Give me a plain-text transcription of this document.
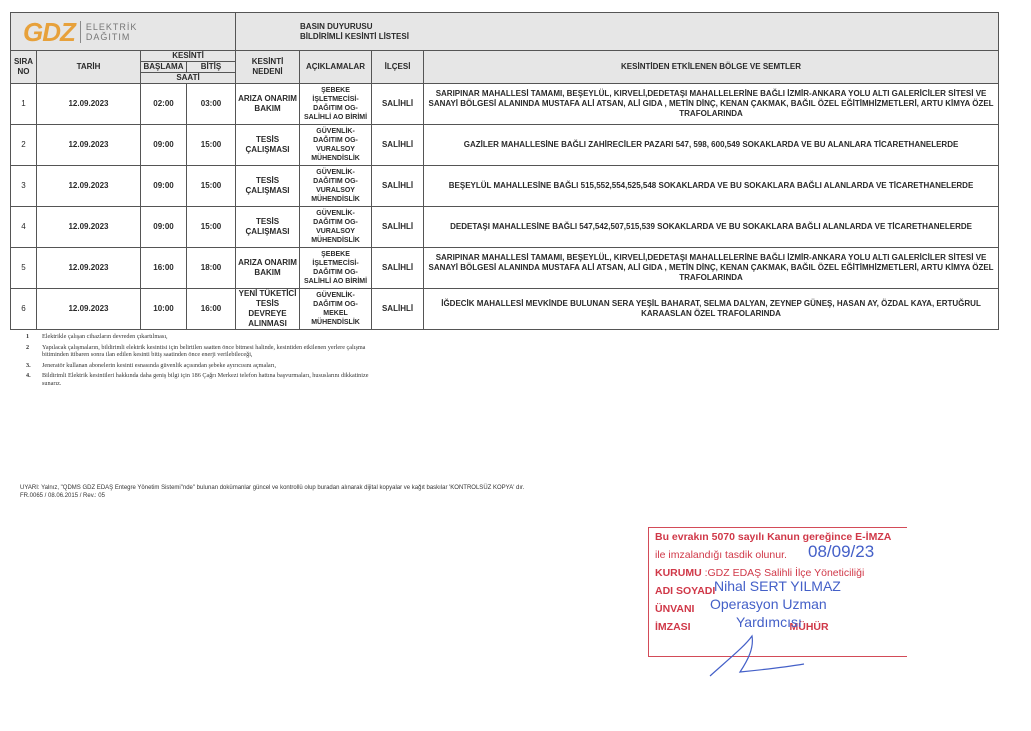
GDZ ELEKTRİK
DAĞITIM				BASIN DUYURUSU
BİLDİRİMLİ KESİNTİ LİSTESİ			
SIRA NO	TARİH	KESİNTİ		KESİNTİ NEDENİ	AÇIKLAMALAR	İLÇESİ	KESİNTİDEN ETKİLENEN BÖLGE VE SEMTLER
		BAŞLAMA	BİTİŞ				
		SAATİ					
1	12.09.2023	02:00	03:00	ARIZA ONARIM BAKIM	ŞEBEKE İŞLETMECİSİ-DAĞITIM OG-SALİHLİ AO BİRİMİ	SALİHLİ	SARIPINAR MAHALLESİ TAMAMI, BEŞEYLÜL, KIRVELİ,DEDETAŞI MAHALLELERİNE BAĞLI İZMİR-ANKARA YOLU ALTI GALERİCİLER SİTESİ VE SANAYİ BÖLGESİ ALANINDA MUSTAFA ALİ ATSAN, ALİ GIDA , METİN DİNÇ, KENAN ÇAKMAK, BAĞIL ÖZEL EĞİTİMHİZMETLERİ, ARTU KİMYA ÖZEL TRAFOLARINDA
2	12.09.2023	09:00	15:00	TESİS ÇALIŞMASI	GÜVENLİK-DAĞITIM OG-VURALSOY MÜHENDİSLİK	SALİHLİ	GAZİLER MAHALLESİNE BAĞLI ZAHİRECİLER PAZARI 547, 598, 600,549 SOKAKLARDA VE BU ALANLARA TİCARETHANELERDE
3	12.09.2023	09:00	15:00	TESİS ÇALIŞMASI	GÜVENLİK-DAĞITIM OG-VURALSOY MÜHENDİSLİK	SALİHLİ	BEŞEYLÜL MAHALLESİNE BAĞLI 515,552,554,525,548 SOKAKLARDA VE BU SOKAKLARA BAĞLI ALANLARDA VE TİCARETHANELERDE
4	12.09.2023	09:00	15:00	TESİS ÇALIŞMASI	GÜVENLİK-DAĞITIM OG-VURALSOY MÜHENDİSLİK	SALİHLİ	DEDETAŞI MAHALLESİNE BAĞLI 547,542,507,515,539 SOKAKLARDA VE BU SOKAKLARA BAĞLI ALANLARDA VE TİCARETHANELERDE
5	12.09.2023	16:00	18:00	ARIZA ONARIM BAKIM	ŞEBEKE İŞLETMECİSİ-DAĞITIM OG-SALİHLİ AO BİRİMİ	SALİHLİ	SARIPINAR MAHALLESİ TAMAMI, BEŞEYLÜL, KIRVELİ,DEDETAŞI MAHALLELERİNE BAĞLI İZMİR-ANKARA YOLU ALTI GALERİCİLER SİTESİ VE SANAYİ BÖLGESİ ALANINDA MUSTAFA ALİ ATSAN, ALİ GIDA , METİN DİNÇ, KENAN ÇAKMAK, BAĞIL ÖZEL EĞİTİMHİZMETLERİ, ARTU KİMYA ÖZEL TRAFOLARINDA
6	12.09.2023	10:00	16:00	YENİ TÜKETİCİ TESİS DEVREYE ALINMASI	GÜVENLİK-DAĞITIM OG-MEKEL MÜHENDİSLİK	SALİHLİ	İĞDECİK MAHALLESİ MEVKİNDE BULUNAN SERA YEŞİL BAHARAT, SELMA DALYAN, ZEYNEP GÜNEŞ, HASAN AY, ÖZDAL KAYA, ERTUĞRUL KARAASLAN ÖZEL TRAFOLARINDA
1	Elektrikle çalışan cihazların devreden çıkartılması,
2	Yapılacak çalışmaların, bildirimli elektrik kesintisi için belirtilen saatten önce bitmesi halinde, kesintiden etkilenen yerlere çalışma bitiminden itibaren sonra ilan edilen kesinti bitiş saatinden önce enerji verilebileceği,
3.	Jeneratör kullanan abonelerin kesinti esnasında güvenlik açısından şebeke ayırıcısını açmaları,
4.	Bildirimli Elektrik kesintileri hakkında daha geniş bilgi için 186 Çağrı Merkezi telefon hattına başvurmaları, hususlarını dikkatinize sunarız.
UYARI: Yalnız, "QDMS GDZ EDAŞ Entegre Yönetim Sistemi"nde" bulunan dokümanlar güncel ve kontrollü olup buradan alınarak dijital kopyalar ve kağıt baskılar 'KONTROLSÜZ KOPYA' dır.
FR.0065 / 08.06.2015 / Rev.: 05
Bu evrakın 5070 sayılı Kanun gereğince E-İMZA
ile imzalandığı tasdik olunur.
KURUMU :GDZ EDAŞ Salihli İlçe Yöneticiliği
ADI SOYADI
ÜNVANI
İMZASI	MÜHÜR
08/09/23
Nihal SERT YILMAZ
Operasyon Uzman
Yardımcısı
